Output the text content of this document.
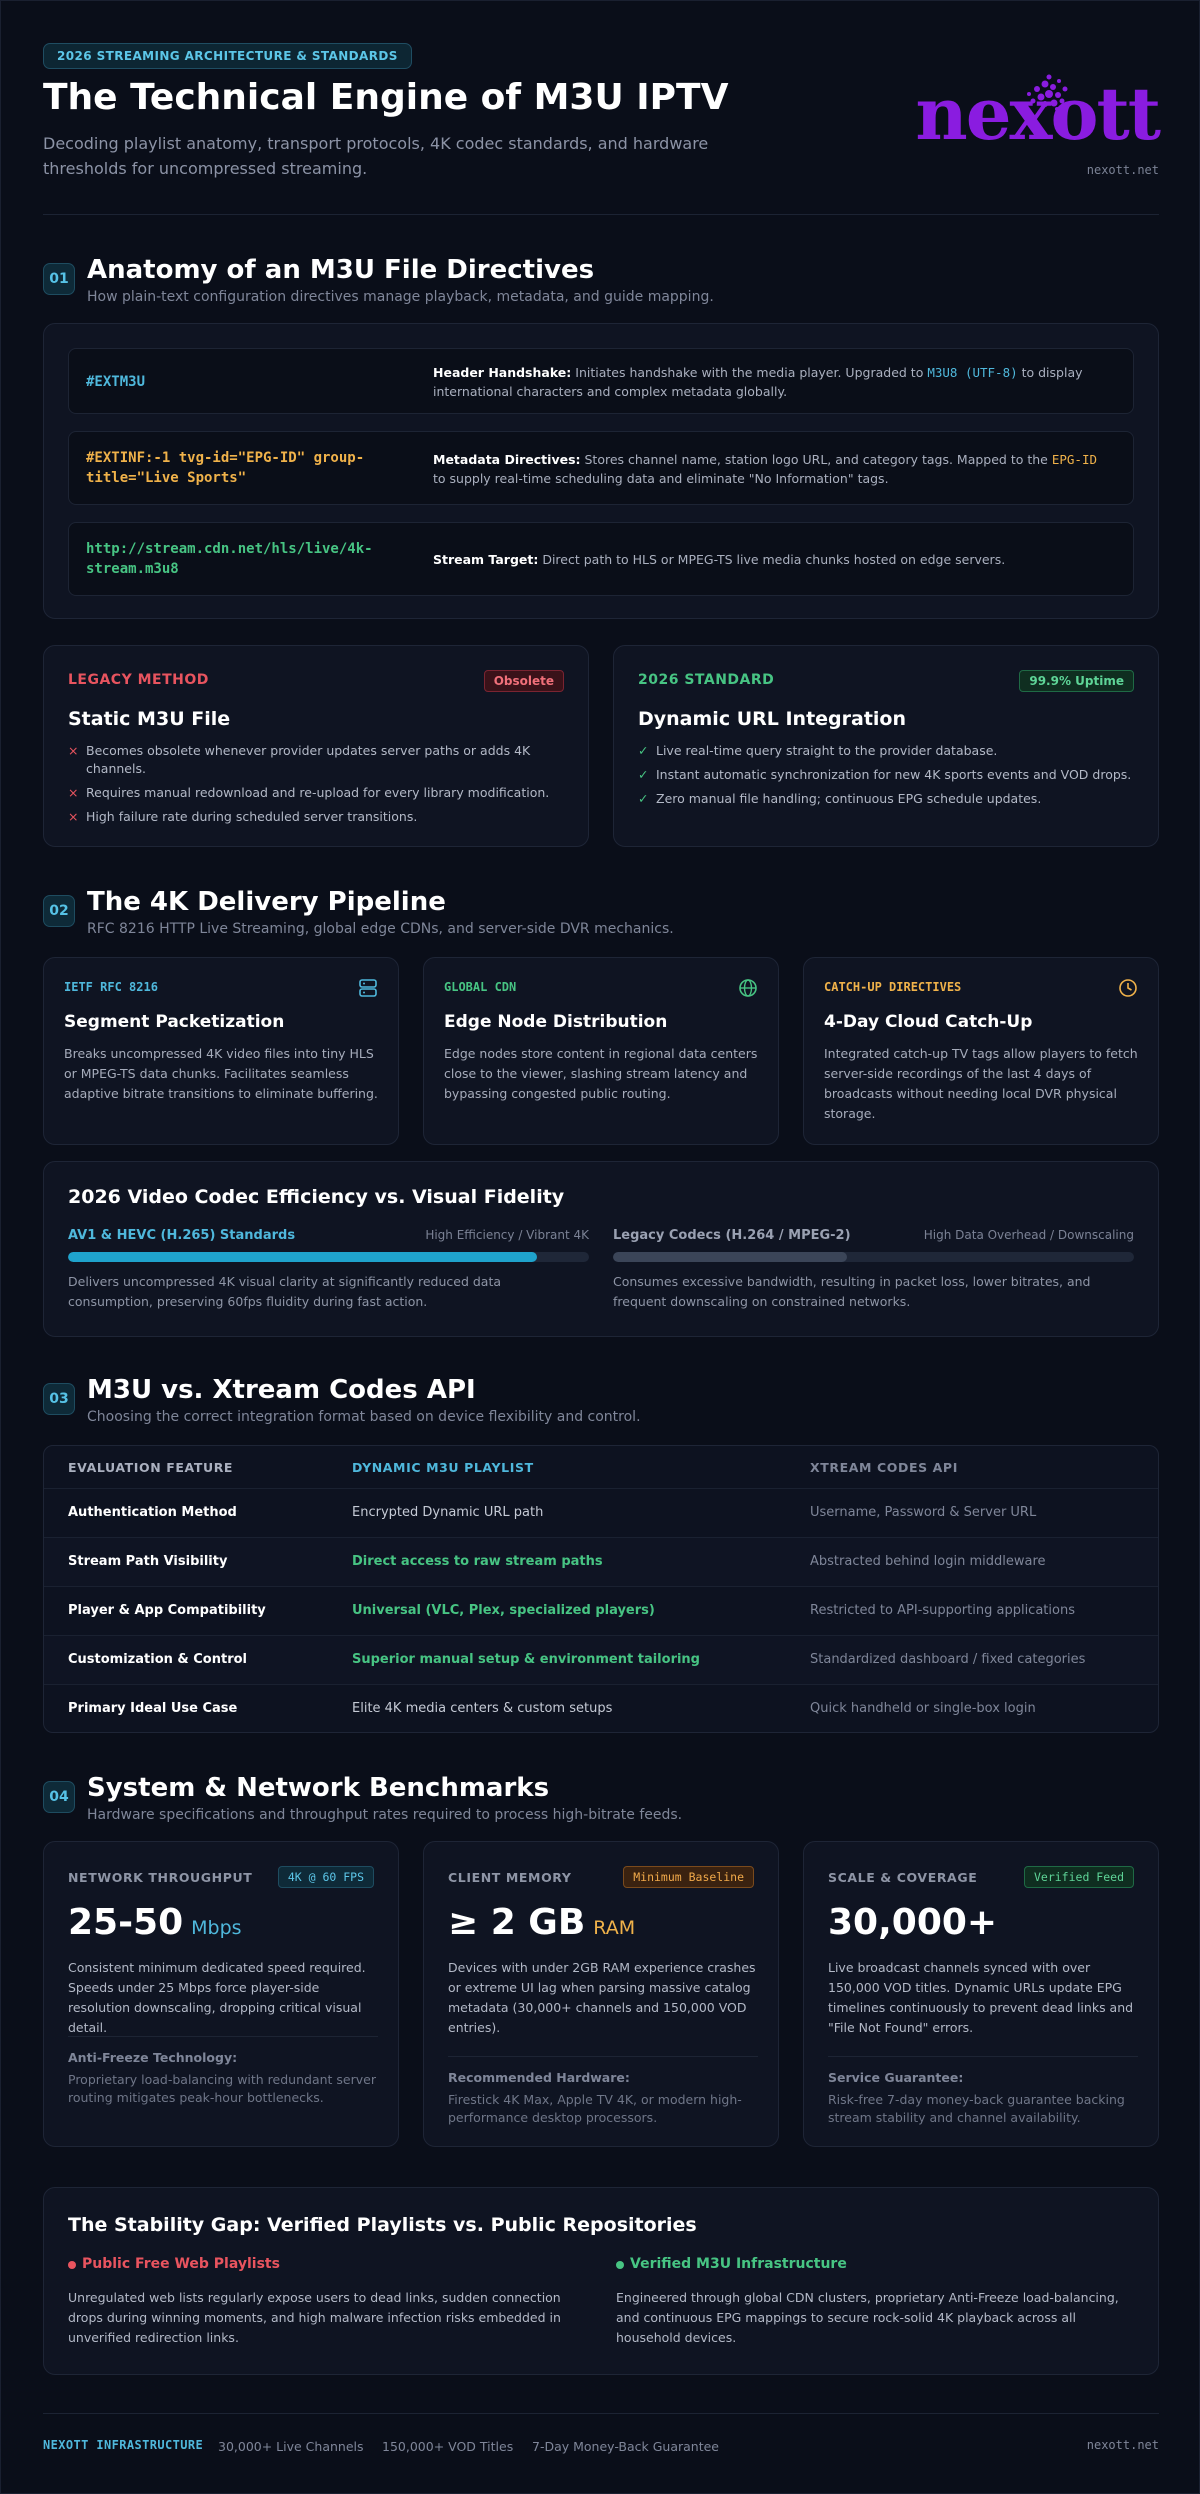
2026 STREAMING ARCHITECTURE & STANDARDS
The Technical Engine of M3U IPTV
Decoding playlist anatomy, transport protocols, 4K codec standards, and hardware thresholds for uncompressed streaming.
nexott
nexott.net
01 Anatomy of an M3U File Directives
How plain-text configuration directives manage playback, metadata, and guide mapping.
#EXTM3U
Header Handshake: Initiates handshake with the media player. Upgraded to M3U8 (UTF-8) to display international characters and complex metadata globally.
#EXTINF:-1 tvg-id="EPG-ID" group-title="Live Sports"
Metadata Directives: Stores channel name, station logo URL, and category tags. Mapped to the EPG-ID to supply real-time scheduling data and eliminate "No Information" tags.
http://stream.cdn.net/hls/live/4k-stream.m3u8
Stream Target: Direct path to HLS or MPEG-TS live media chunks hosted on edge servers.
LEGACY METHOD	Obsolete
Static M3U File
× Becomes obsolete whenever provider updates server paths or adds 4K channels.
× Requires manual redownload and re-upload for every library modification.
× High failure rate during scheduled server transitions.
2026 STANDARD	99.9% Uptime
Dynamic URL Integration
✓ Live real-time query straight to the provider database.
✓ Instant automatic synchronization for new 4K sports events and VOD drops.
✓ Zero manual file handling; continuous EPG schedule updates.
02 The 4K Delivery Pipeline
RFC 8216 HTTP Live Streaming, global edge CDNs, and server-side DVR mechanics.
IETF RFC 8216
Segment Packetization
Breaks uncompressed 4K video files into tiny HLS or MPEG-TS data chunks. Facilitates seamless adaptive bitrate transitions to eliminate buffering.
GLOBAL CDN
Edge Node Distribution
Edge nodes store content in regional data centers close to the viewer, slashing stream latency and bypassing congested public routing.
CATCH-UP DIRECTIVES
4-Day Cloud Catch-Up
Integrated catch-up TV tags allow players to fetch server-side recordings of the last 4 days of broadcasts without needing local DVR physical storage.
2026 Video Codec Efficiency vs. Visual Fidelity
AV1 & HEVC (H.265) Standards	High Efficiency / Vibrant 4K
Delivers uncompressed 4K visual clarity at significantly reduced data consumption, preserving 60fps fluidity during fast action.
Legacy Codecs (H.264 / MPEG-2)	High Data Overhead / Downscaling
Consumes excessive bandwidth, resulting in packet loss, lower bitrates, and frequent downscaling on constrained networks.
03 M3U vs. Xtream Codes API
Choosing the correct integration format based on device flexibility and control.
EVALUATION FEATURE	DYNAMIC M3U PLAYLIST	XTREAM CODES API
Authentication Method	Encrypted Dynamic URL path	Username, Password & Server URL
Stream Path Visibility	Direct access to raw stream paths	Abstracted behind login middleware
Player & App Compatibility	Universal (VLC, Plex, specialized players)	Restricted to API-supporting applications
Customization & Control	Superior manual setup & environment tailoring	Standardized dashboard / fixed categories
Primary Ideal Use Case	Elite 4K media centers & custom setups	Quick handheld or single-box login
04 System & Network Benchmarks
Hardware specifications and throughput rates required to process high-bitrate feeds.
NETWORK THROUGHPUT	4K @ 60 FPS
25-50 Mbps
Consistent minimum dedicated speed required. Speeds under 25 Mbps force player-side resolution downscaling, dropping critical visual detail.
Anti-Freeze Technology:
Proprietary load-balancing with redundant server routing mitigates peak-hour bottlenecks.
CLIENT MEMORY	Minimum Baseline
≥ 2 GB RAM
Devices with under 2GB RAM experience crashes or extreme UI lag when parsing massive catalog metadata (30,000+ channels and 150,000 VOD entries).
Recommended Hardware:
Firestick 4K Max, Apple TV 4K, or modern high-performance desktop processors.
SCALE & COVERAGE	Verified Feed
30,000+
Live broadcast channels synced with over 150,000 VOD titles. Dynamic URLs update EPG timelines continuously to prevent dead links and "File Not Found" errors.
Service Guarantee:
Risk-free 7-day money-back guarantee backing stream stability and channel availability.
The Stability Gap: Verified Playlists vs. Public Repositories
Public Free Web Playlists
Unregulated web lists regularly expose users to dead links, sudden connection drops during winning moments, and high malware infection risks embedded in unverified redirection links.
Verified M3U Infrastructure
Engineered through global CDN clusters, proprietary Anti-Freeze load-balancing, and continuous EPG mappings to secure rock-solid 4K playback across all household devices.
NEXOTT INFRASTRUCTURE 30,000+ Live Channels 150,000+ VOD Titles 7-Day Money-Back Guarantee	nexott.net
